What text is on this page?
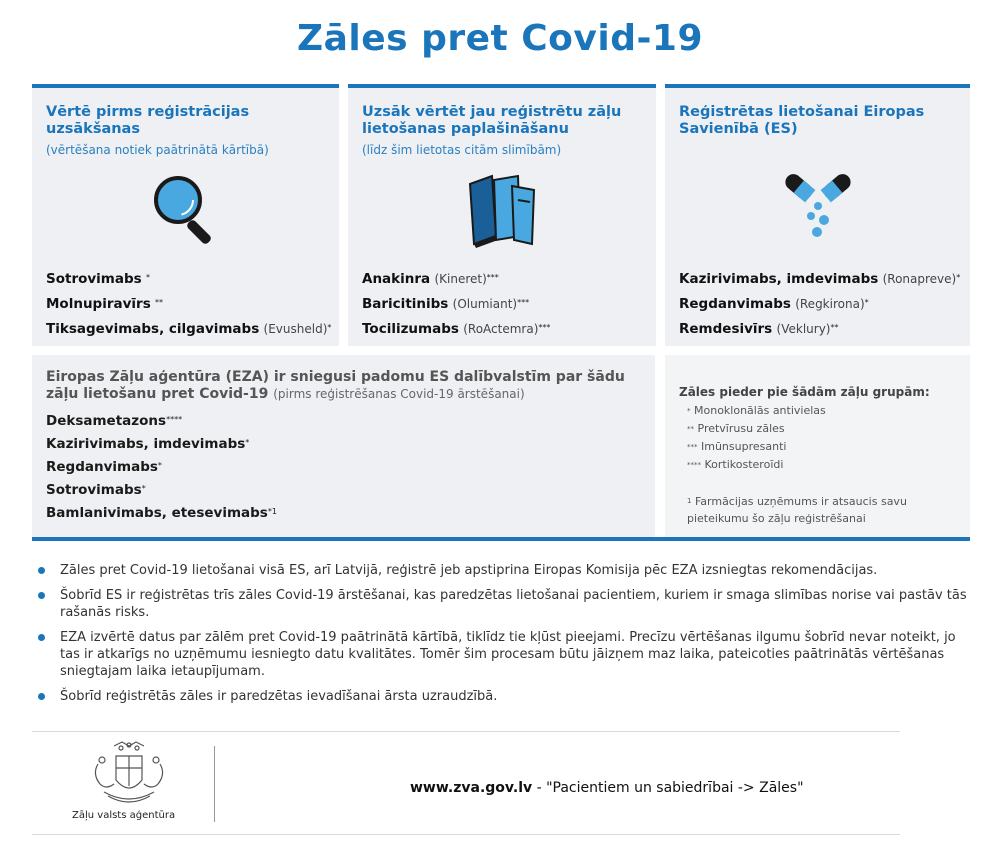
Zāles pret Covid-19
Vērtē pirms reģistrācijas uzsākšanas
(vērtēšana notiek paātrinātā kārtībā)
Sotrovimabs *
Molnupiravīrs **
Tiksagevimabs, cilgavimabs (Evusheld)*
Uzsāk vērtēt jau reģistrētu zāļu lietošanas paplašināšanu
(līdz šim lietotas citām slimībām)
Anakinra (Kineret)***
Baricitinibs (Olumiant)***
Tocilizumabs (RoActemra)***
Reģistrētas lietošanai Eiropas Savienībā (ES)
Kazirivimabs, imdevimabs (Ronapreve)*
Regdanvimabs (Regkirona)*
Remdesivīrs (Veklury)**
Eiropas Zāļu aģentūra (EZA) ir sniegusi padomu ES dalībvalstīm par šādu zāļu lietošanu pret Covid-19 (pirms reģistrēšanas Covid-19 ārstēšanai)
Deksametazons****
Kazirivimabs, imdevimabs*
Regdanvimabs*
Sotrovimabs*
Bamlanivimabs, etesevimabs$^{*1}$
Zāles pieder pie šādām zāļu grupām:
* Monoklonālās antivielas
** Pretvīrusu zāles
*** Imūnsupresanti
**** Kortikosteroīdi
$^1$ Farmācijas uzņēmums ir atsaucis savu pieteikumu šo zāļu reģistrēšanai
Zāles pret Covid-19 lietošanai visā ES, arī Latvijā, reģistrē jeb apstiprina Eiropas Komisija pēc EZA izsniegtas rekomendācijas.
Šobrīd ES ir reģistrētas trīs zāles Covid-19 ārstēšanai, kas paredzētas lietošanai pacientiem, kuriem ir smaga slimības norise vai pastāv tās rašanās risks.
EZA izvērtē datus par zālēm pret Covid-19 paātrinātā kārtībā, tiklīdz tie kļūst pieejami. Precīzu vērtēšanas ilgumu šobrīd nevar noteikt, jo tas ir atkarīgs no uzņēmumu iesniegto datu kvalitātes. Tomēr šim procesam būtu jāizņem maz laika, pateicoties paātrinātās vērtēšanas sniegtajam laika ietaupījumam.
Šobrīd reģistrētās zāles ir paredzētas ievadīšanai ārsta uzraudzībā.
Zāļu valsts aģentūra
www.zva.gov.lv - "Pacientiem un sabiedrībai -> Zāles"
